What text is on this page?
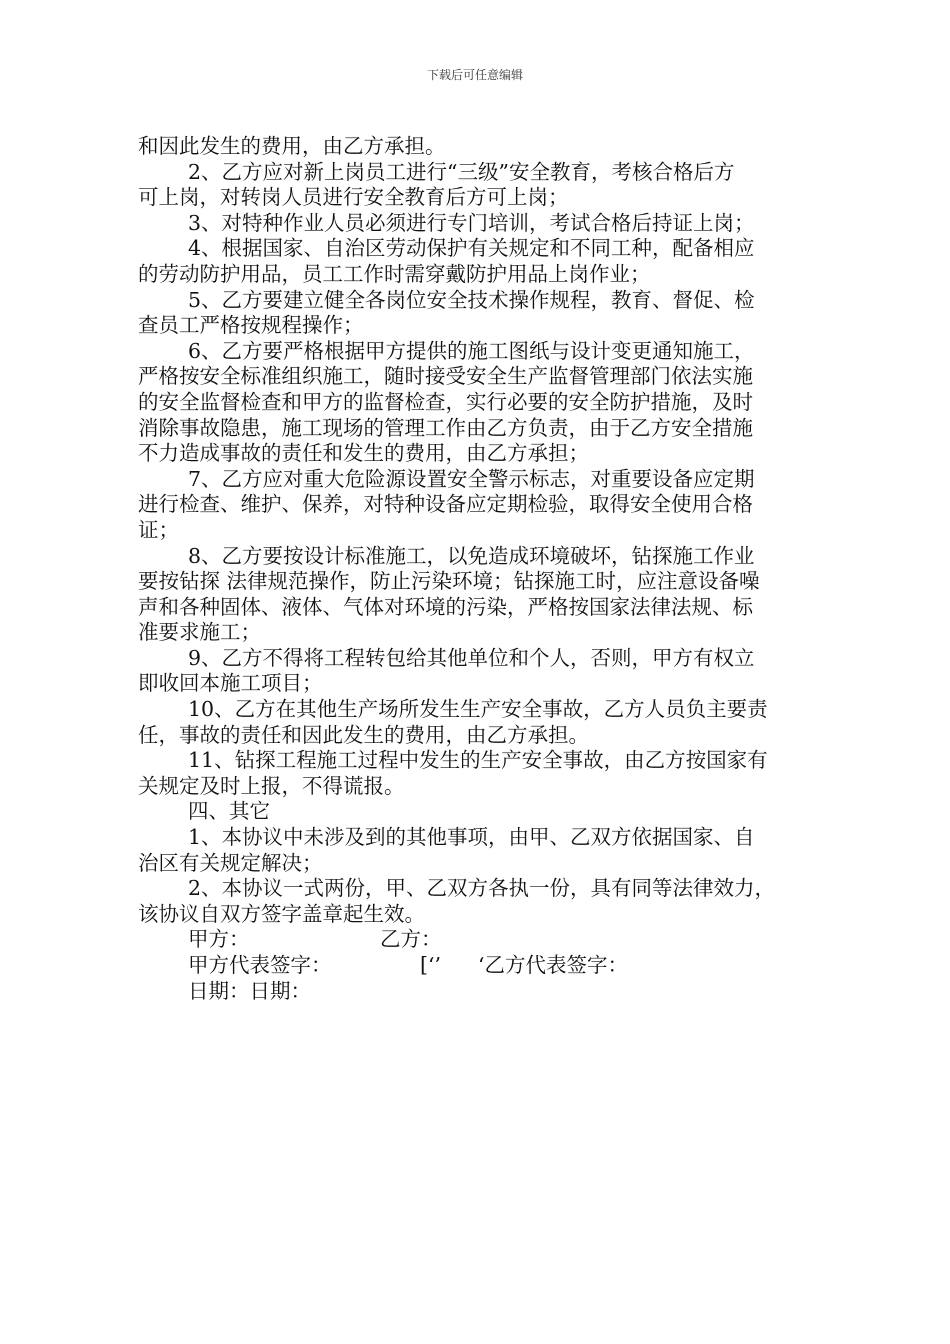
下载后可任意编辑
和因此发生的费用，由乙方承担。
2、乙方应对新上岗员工进行“三级”安全教育，考核合格后方
可上岗，对转岗人员进行安全教育后方可上岗；
3、对特种作业人员必须进行专门培训，考试合格后持证上岗；
4、根据国家、自治区劳动保护有关规定和不同工种，配备相应
的劳动防护用品，员工工作时需穿戴防护用品上岗作业；
5、乙方要建立健全各岗位安全技术操作规程，教育、督促、检
查员工严格按规程操作；
6、乙方要严格根据甲方提供的施工图纸与设计变更通知施工，
严格按安全标准组织施工，随时接受安全生产监督管理部门依法实施
的安全监督检查和甲方的监督检查，实行必要的安全防护措施，及时
消除事故隐患，施工现场的管理工作由乙方负责，由于乙方安全措施
不力造成事故的责任和发生的费用，由乙方承担；
7、乙方应对重大危险源设置安全警示标志，对重要设备应定期
进行检查、维护、保养，对特种设备应定期检验，取得安全使用合格
证；
8、乙方要按设计标准施工，以免造成环境破坏，钻探施工作业
要按钻探 法律规范操作，防止污染环境；钻探施工时，应注意设备噪
声和各种固体、液体、气体对环境的污染，严格按国家法律法规、标
准要求施工；
9、乙方不得将工程转包给其他单位和个人，否则，甲方有权立
即收回本施工项目；
10、乙方在其他生产场所发生生产安全事故，乙方人员负主要责
任，事故的责任和因此发生的费用，由乙方承担。
11、钻探工程施工过程中发生的生产安全事故，由乙方按国家有
关规定及时上报，不得谎报。
四、其它
1、本协议中未涉及到的其他事项，由甲、乙双方依据国家、自
治区有关规定解决；
2、本协议一式两份，甲、乙双方各执一份，具有同等法律效力，
该协议自双方签字盖章起生效。
甲方：	乙方：
甲方代表签字：	[‘’ ‘乙方代表签字：
日期：日期：
